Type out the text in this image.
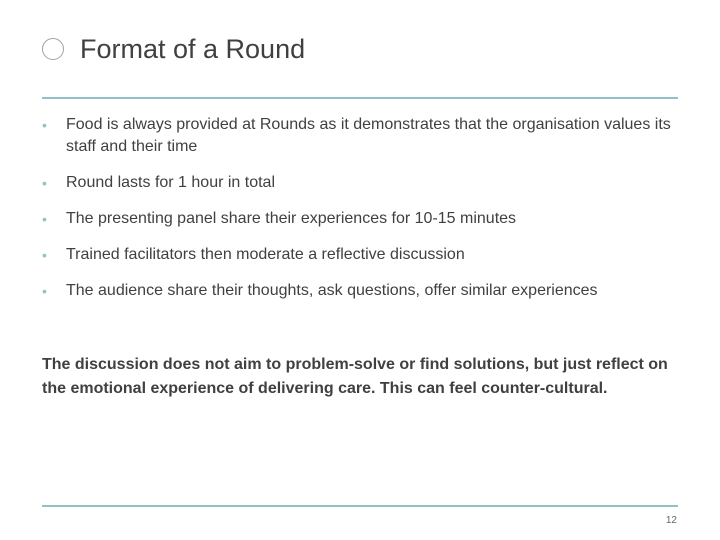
Format of a Round
•	Food is always provided at Rounds as it demonstrates that the organisation values its staff and their time
•	Round lasts for 1 hour in total
•	The presenting panel share their experiences for 10-15 minutes
•	Trained facilitators then moderate a reflective discussion
•	The audience share their thoughts, ask questions, offer similar experiences
The discussion does not aim to problem-solve or find solutions, but just reflect on the emotional experience of delivering care. This can feel counter-cultural.
12
